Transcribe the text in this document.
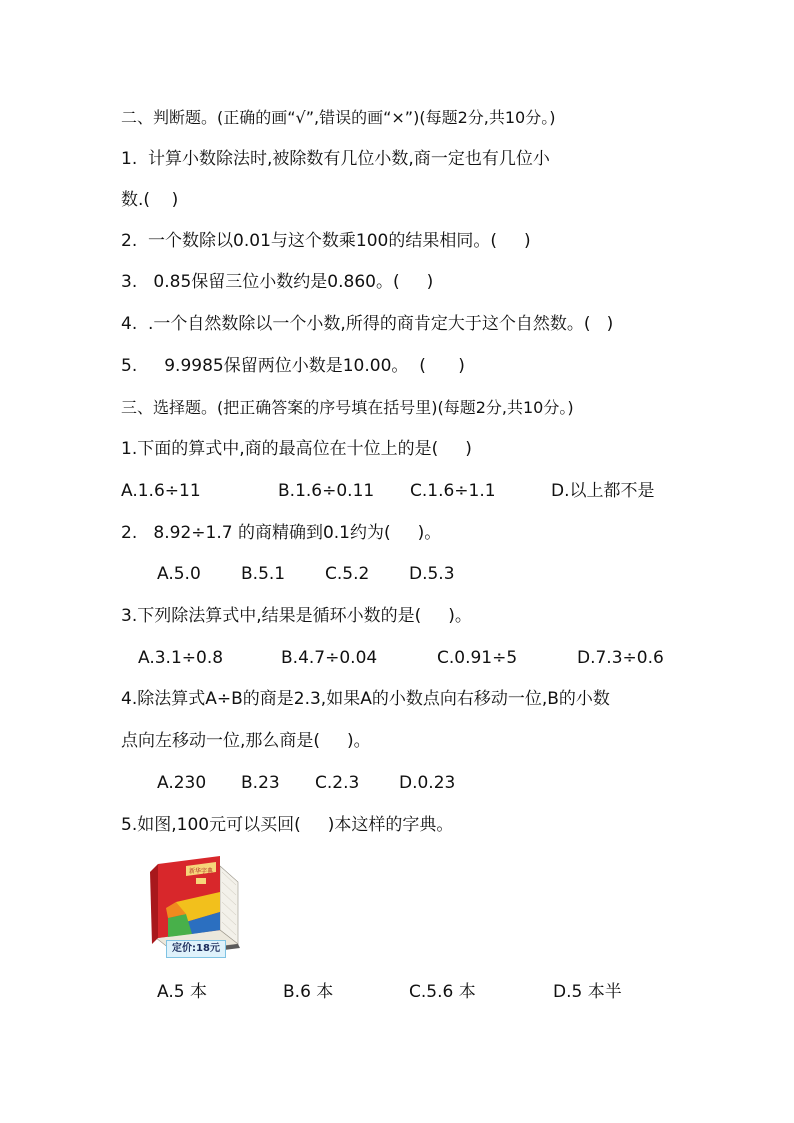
二、判断题。(正确的画“√”,错误的画“×”)(每题2分,共10分。)
1.  计算小数除法时,被除数有几位小数,商一定也有几位小
数.(    )
2.  一个数除以0.01与这个数乘100的结果相同。(     )
3.   0.85保留三位小数约是0.860。(     )
4.  .一个自然数除以一个小数,所得的商肯定大于这个自然数。(   )
5.     9.9985保留两位小数是10.00。  (      )
三、选择题。(把正确答案的序号填在括号里)(每题2分,共10分。)
1.下面的算式中,商的最高位在十位上的是(     )
A.1.6÷11	B.1.6÷0.11 C.1.6÷1.1	D.以上都不是
2.   8.92÷1.7 的商精确到0.1约为(     )。
A.5.0 B.5.1 C.5.2 D.5.3
3.下列除法算式中,结果是循环小数的是(     )。
A.3.1÷0.8	B.4.7÷0.04	C.0.91÷5	D.7.3÷0.6
4.除法算式A÷B的商是2.3,如果A的小数点向右移动一位,B的小数
点向左移动一位,那么商是(     )。
A.230 B.23 C.2.3 D.0.23
5.如图,100元可以买回(     )本这样的字典。
新华字典
定价:18元
A.5 本	B.6 本	C.5.6 本	D.5 本半
